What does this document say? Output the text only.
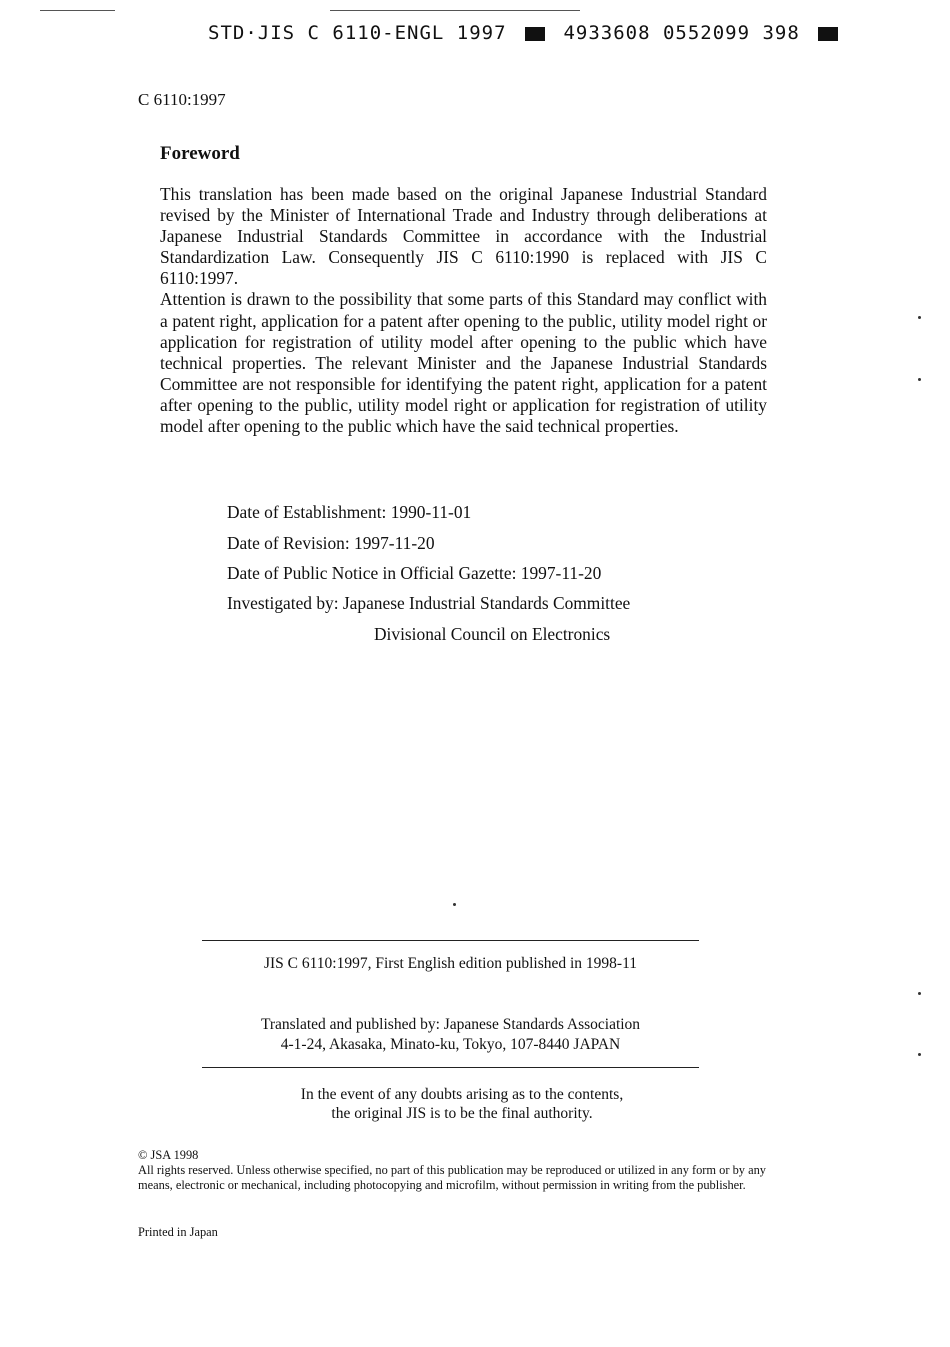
STD·JIS C 6110-ENGL 1997	4933608 0552099 398
C 6110:1997
Foreword

This translation has been made based on the original Japanese Industrial Standard revised by the Minister of International Trade and Industry through deliberations at Japanese Industrial Standards Committee in accordance with the Industrial Standardization Law. Consequently JIS C 6110:1990 is replaced with JIS C 6110:1997.

Attention is drawn to the possibility that some parts of this Standard may conflict with a patent right, application for a patent after opening to the public, utility model right or application for registration of utility model after opening to the public which have technical properties. The relevant Minister and the Japanese Industrial Standards Committee are not responsible for identifying the patent right, application for a patent after opening to the public, utility model right or application for registration of utility model after opening to the public which have the said technical properties.

Date of Establishment: 1990-11-01
Date of Revision: 1997-11-20
Date of Public Notice in Official Gazette: 1997-11-20
Investigated by: Japanese Industrial Standards Committee
Divisional Council on Electronics
JIS C 6110:1997, First English edition published in 1998-11
Translated and published by: Japanese Standards Association
4-1-24, Akasaka, Minato-ku, Tokyo, 107-8440 JAPAN
In the event of any doubts arising as to the contents,
the original JIS is to be the final authority.

© JSA 1998

All rights reserved. Unless otherwise specified, no part of this publication may be reproduced or utilized in any form or by any means, electronic or mechanical, including photocopying and microfilm, without permission in writing from the publisher.

Printed in Japan
